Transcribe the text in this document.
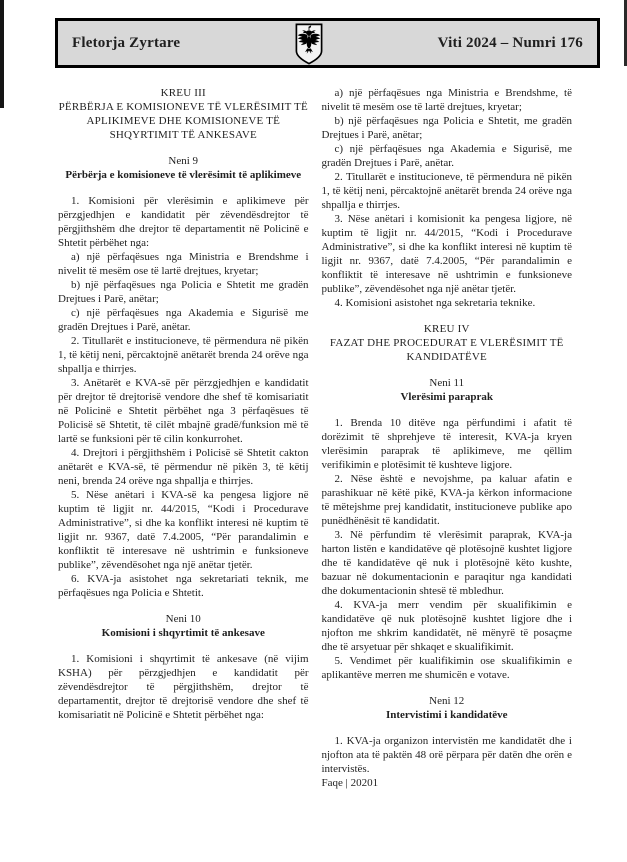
Fletorja Zyrtare	Viti 2024 – Numri 176

KREU III

PËRBËRJA E KOMISIONEVE TË VLERËSIMIT TË APLIKIMEVE DHE KOMISIONEVE TË SHQYRTIMIT TË ANKESAVE

Neni 9

Përbërja e komisioneve të vlerësimit të aplikimeve

1. Komisioni për vlerësimin e aplikimeve për përzgjedhjen e kandidatit për zëvendësdrejtor të përgjithshëm dhe drejtor të departamentit në Policinë e Shtetit përbëhet nga:

a) një përfaqësues nga Ministria e Brendshme i nivelit të mesëm ose të lartë drejtues, kryetar;

b) një përfaqësues nga Policia e Shtetit me gradën Drejtues i Parë, anëtar;

c) një përfaqësues nga Akademia e Sigurisë me gradën Drejtues i Parë, anëtar.

2. Titullarët e institucioneve, të përmendura në pikën 1, të këtij neni, përcaktojnë anëtarët brenda 24 orëve nga shpallja e thirrjes.

3. Anëtarët e KVA-së për përzgjedhjen e kandidatit për drejtor të drejtorisë vendore dhe shef të komisariatit në Policinë e Shtetit përbëhet nga 3 përfaqësues të Policisë së Shtetit, të cilët mbajnë gradë/funksion më të lartë se funksioni për të cilin konkurrohet.

4. Drejtori i përgjithshëm i Policisë së Shtetit cakton anëtarët e KVA-së, të përmendur në pikën 3, të këtij neni, brenda 24 orëve nga shpallja e thirrjes.

5. Nëse anëtari i KVA-së ka pengesa ligjore në kuptim të ligjit nr. 44/2015, “Kodi i Procedurave Administrative”, si dhe ka konflikt interesi në kuptim të ligjit nr. 9367, datë 7.4.2005, “Për parandalimin e konfliktit të interesave në ushtrimin e funksioneve publike”, zëvendësohet nga një anëtar tjetër.

6. KVA-ja asistohet nga sekretariati teknik, me përfaqësues nga Policia e Shtetit.

Neni 10

Komisioni i shqyrtimit të ankesave

1. Komisioni i shqyrtimit të ankesave (në vijim KSHA) për përzgjedhjen e kandidatit për zëvendësdrejtor të përgjithshëm, drejtor të departamentit, drejtor të drejtorisë vendore dhe shef të komisariatit në Policinë e Shtetit përbëhet nga:

a) një përfaqësues nga Ministria e Brendshme, të nivelit të mesëm ose të lartë drejtues, kryetar;

b) një përfaqësues nga Policia e Shtetit, me gradën Drejtues i Parë, anëtar;

c) një përfaqësues nga Akademia e Sigurisë, me gradën Drejtues i Parë, anëtar.

2. Titullarët e institucioneve, të përmendura në pikën 1, të këtij neni, përcaktojnë anëtarët brenda 24 orëve nga shpallja e thirrjes.

3. Nëse anëtari i komisionit ka pengesa ligjore, në kuptim të ligjit nr. 44/2015, “Kodi i Procedurave Administrative”, si dhe ka konflikt interesi në kuptim të ligjit nr. 9367, datë 7.4.2005, “Për parandalimin e konfliktit të interesave në ushtrimin e funksioneve publike”, zëvendësohet nga një anëtar tjetër.

4. Komisioni asistohet nga sekretaria teknike.

KREU IV

FAZAT DHE PROCEDURAT E VLERËSIMIT TË KANDIDATËVE

Neni 11

Vlerësimi paraprak

1. Brenda 10 ditëve nga përfundimi i afatit të dorëzimit të shprehjeve të interesit, KVA-ja kryen vlerësimin paraprak të aplikimeve, me qëllim verifikimin e plotësimit të kushteve ligjore.

2. Nëse është e nevojshme, pa kaluar afatin e parashikuar në këtë pikë, KVA-ja kërkon informacione të mëtejshme prej kandidatit, institucioneve publike apo punëdhënësit të kandidatit.

3. Në përfundim të vlerësimit paraprak, KVA-ja harton listën e kandidatëve që plotësojnë kushtet ligjore dhe të kandidatëve që nuk i plotësojnë këto kushte, bazuar në dokumentacionin e paraqitur nga kandidati dhe dokumentacionin shtesë të mbledhur.

4. KVA-ja merr vendim për skualifikimin e kandidatëve që nuk plotësojnë kushtet ligjore dhe i njofton me shkrim kandidatët, në mënyrë të posaçme dhe të arsyetuar për shkaqet e skualifikimit.

5. Vendimet për kualifikimin ose skualifikimin e aplikantëve merren me shumicën e votave.

Neni 12

Intervistimi i kandidatëve

1. KVA-ja organizon intervistën me kandidatët dhe i njofton ata të paktën 48 orë përpara për datën dhe orën e intervistës.

Faqe | 20201
